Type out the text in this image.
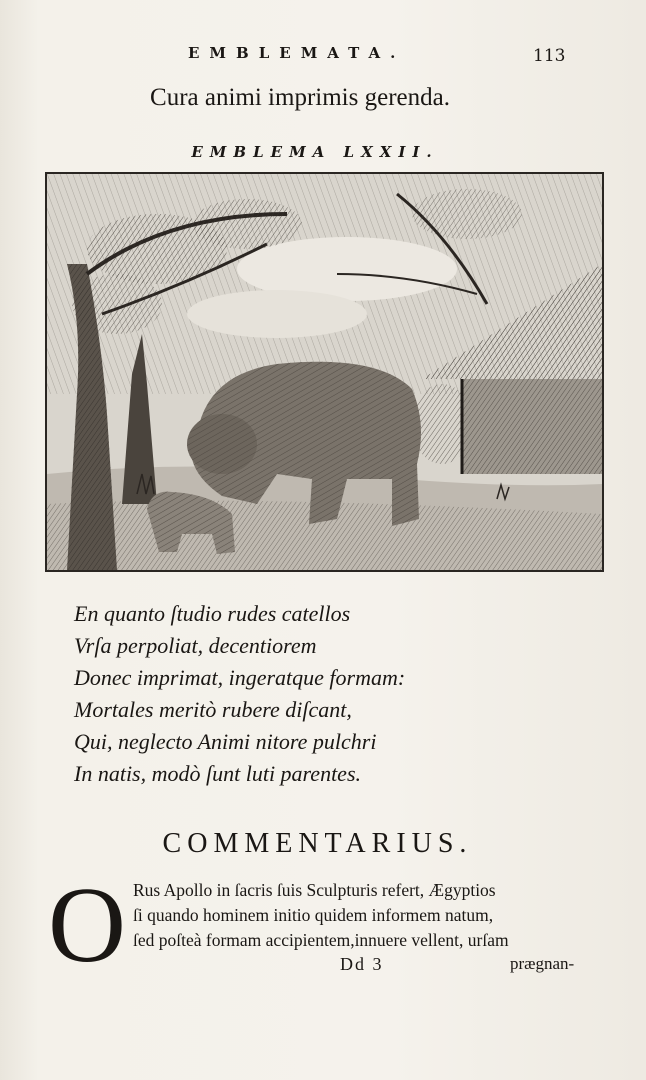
EMBLEMATA.	113
Cura animi imprimis gerenda.
EMBLEMA LXXII.
En quanto ſtudio rudes catellos
Vrſa perpoliat, decentiorem
Donec imprimat, ingeratque formam:
Mortales meritò rubere diſcant,
Qui, neglecto Animi nitore pulchri
In natis, modò ſunt luti parentes.
COMMENTARIUS.
O Rus Apollo in ſacris ſuis Sculpturis refert, Ægyptios
ſi quando hominem initio quidem informem natum,
ſed poſteà formam accipientem,innuere vellent, urſam
Dd 3	prægnan-
